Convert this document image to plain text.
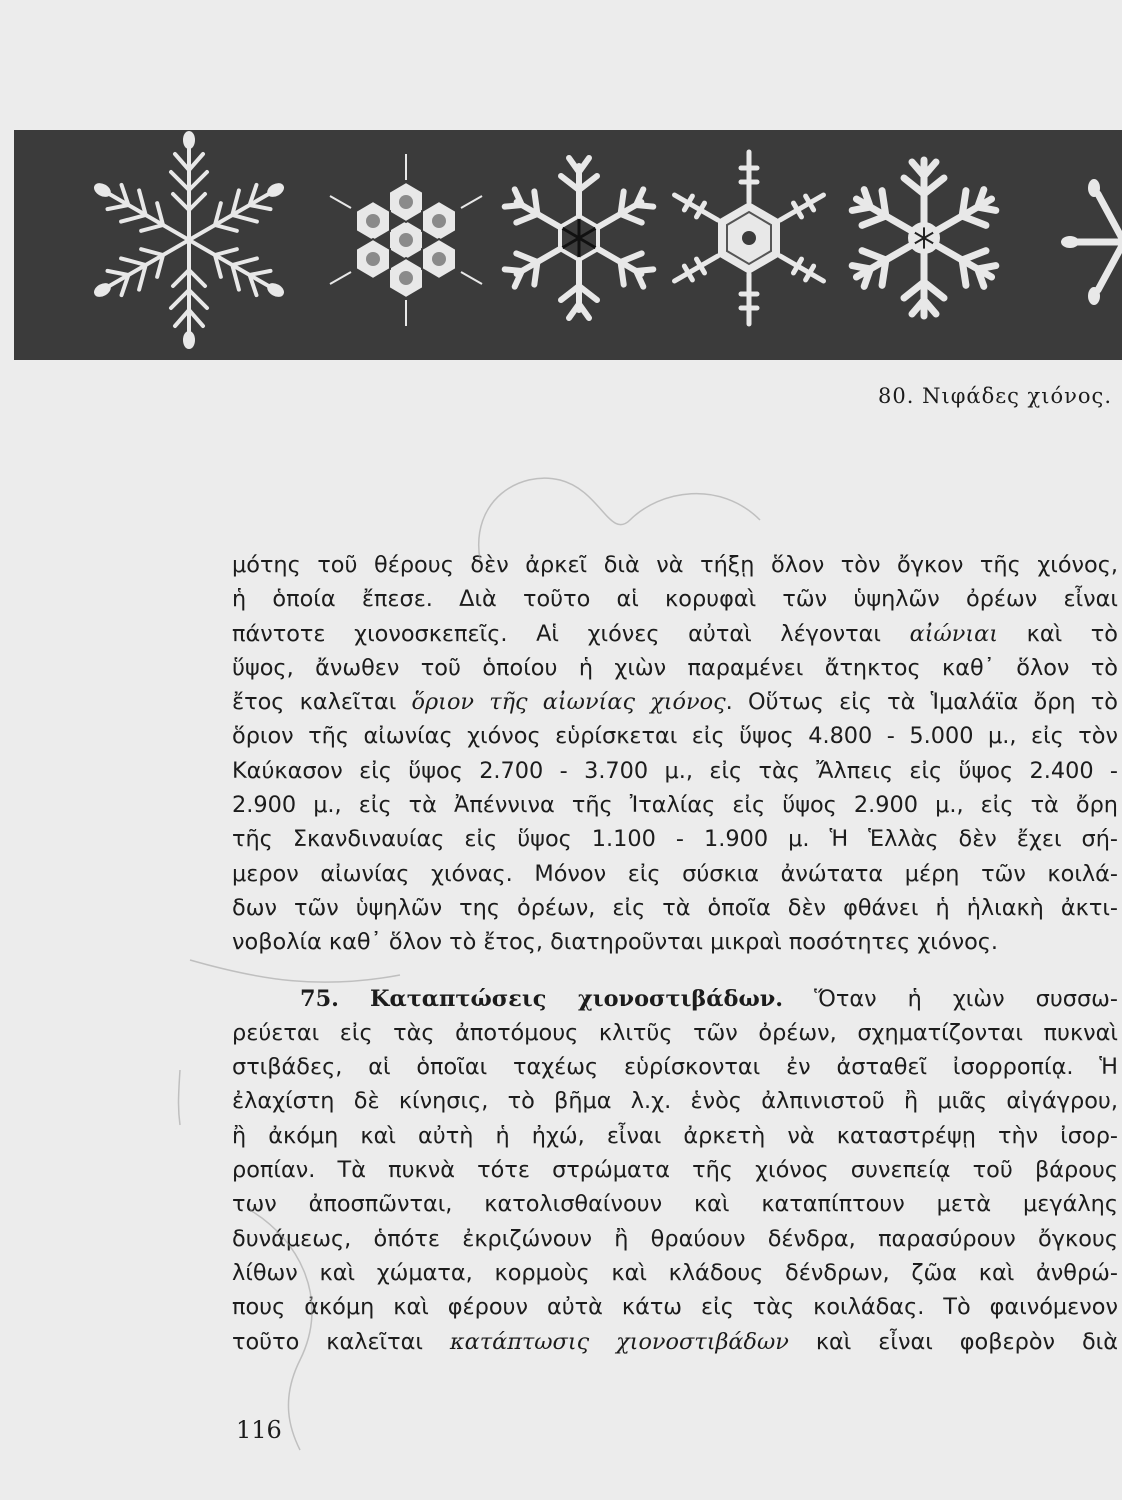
80. Νιφάδες χιόνος.
μότης τοῦ θέρους δὲν ἀρκεῖ διὰ νὰ τήξῃ ὅλον τὸν ὄγκον τῆς χιόνος,
ἡ ὁποία ἔπεσε. Διὰ τοῦτο αἱ κορυφαὶ τῶν ὑψηλῶν ὀρέων εἶναι
πάντοτε χιονοσκεπεῖς. Αἱ χιόνες αὐταὶ λέγονται αἰώνιαι καὶ τὸ
ὕψος, ἄνωθεν τοῦ ὁποίου ἡ χιὼν παραμένει ἄτηκτος καθ᾽ ὅλον τὸ
ἔτος καλεῖται ὅριον τῆς αἰωνίας χιόνος. Οὕτως εἰς τὰ Ἱμαλάϊα ὄρη τὸ
ὅριον τῆς αἰωνίας χιόνος εὑρίσκεται εἰς ὕψος 4.800 - 5.000 μ., εἰς τὸν
Καύκασον εἰς ὕψος 2.700 - 3.700 μ., εἰς τὰς Ἄλπεις εἰς ὕψος 2.400 -
2.900 μ., εἰς τὰ Ἀπέννινα τῆς Ἰταλίας εἰς ὕψος 2.900 μ., εἰς τὰ ὄρη
τῆς Σκανδιναυίας εἰς ὕψος 1.100 - 1.900 μ. Ἡ Ἑλλὰς δὲν ἔχει σή-
μερον αἰωνίας χιόνας. Μόνον εἰς σύσκια ἀνώτατα μέρη τῶν κοιλά-
δων τῶν ὑψηλῶν της ὀρέων, εἰς τὰ ὁποῖα δὲν φθάνει ἡ ἡλιακὴ ἀκτι-
νοβολία καθ᾽ ὅλον τὸ ἔτος, διατηροῦνται μικραὶ ποσότητες χιόνος.
75. Καταπτώσεις χιονοστιβάδων. Ὅταν ἡ χιὼν συσσω-
ρεύεται εἰς τὰς ἀποτόμους κλιτῦς τῶν ὀρέων, σχηματίζονται πυκναὶ
στιβάδες, αἱ ὁποῖαι ταχέως εὑρίσκονται ἐν ἀσταθεῖ ἰσορροπίᾳ. Ἡ
ἐλαχίστη δὲ κίνησις, τὸ βῆμα λ.χ. ἑνὸς ἀλπινιστοῦ ἢ μιᾶς αἰγάγρου,
ἢ ἀκόμη καὶ αὐτὴ ἡ ἠχώ, εἶναι ἀρκετὴ νὰ καταστρέψῃ τὴν ἰσορ-
ροπίαν. Τὰ πυκνὰ τότε στρώματα τῆς χιόνος συνεπείᾳ τοῦ βάρους
των ἀποσπῶνται, κατολισθαίνουν καὶ καταπίπτουν μετὰ μεγάλης
δυνάμεως, ὁπότε ἐκριζώνουν ἢ θραύουν δένδρα, παρασύρουν ὄγκους
λίθων καὶ χώματα, κορμοὺς καὶ κλάδους δένδρων, ζῶα καὶ ἀνθρώ-
πους ἀκόμη καὶ φέρουν αὐτὰ κάτω εἰς τὰς κοιλάδας. Τὸ φαινόμενον
τοῦτο καλεῖται κατάπτωσις χιονοστιβάδων καὶ εἶναι φοβερὸν διὰ
116
